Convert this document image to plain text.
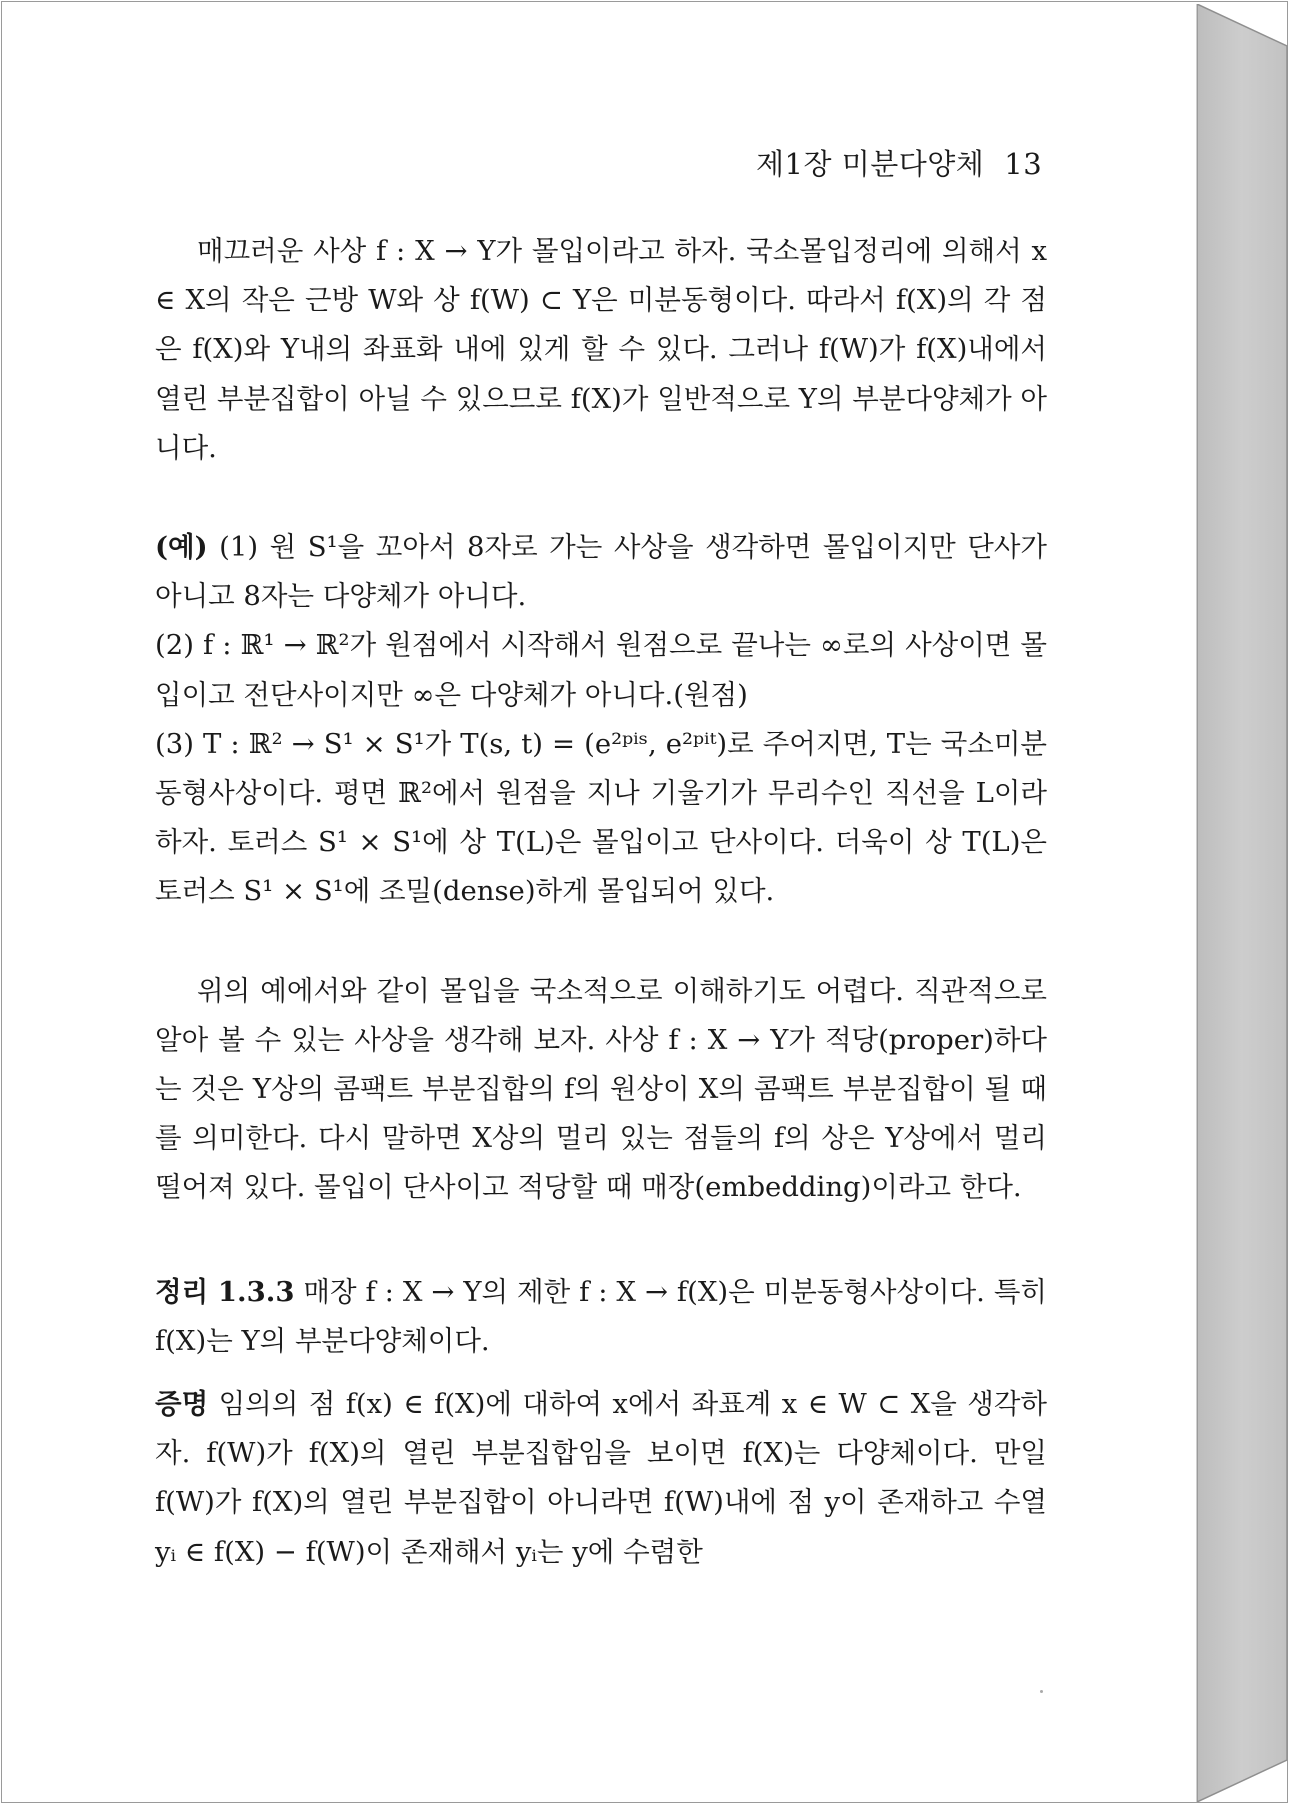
제1장 미분다양체 13

매끄러운 사상 f : X → Y가 몰입이라고 하자. 국소몰입정리에 의해서 x ∈ X의 작은 근방 W와 상 f(W) ⊂ Y은 미분동형이다. 따라서 f(X)의 각 점은 f(X)와 Y내의 좌표화 내에 있게 할 수 있다. 그러나 f(W)가 f(X)내에서 열린 부분집합이 아닐 수 있으므로 f(X)가 일반적으로 Y의 부분다양체가 아니다.

(예) (1) 원 S¹을 꼬아서 8자로 가는 사상을 생각하면 몰입이지만 단사가 아니고 8자는 다양체가 아니다.

(2) f : ℝ¹ → ℝ²가 원점에서 시작해서 원점으로 끝나는 ∞로의 사상이면 몰입이고 전단사이지만 ∞은 다양체가 아니다.(원점)

(3) T : ℝ² → S¹ × S¹가 T(s, t) = (e²ᵖⁱˢ, e²ᵖⁱᵗ)로 주어지면, T는 국소미분동형사상이다. 평면 ℝ²에서 원점을 지나 기울기가 무리수인 직선을 L이라 하자. 토러스 S¹ × S¹에 상 T(L)은 몰입이고 단사이다. 더욱이 상 T(L)은 토러스 S¹ × S¹에 조밀(dense)하게 몰입되어 있다.

위의 예에서와 같이 몰입을 국소적으로 이해하기도 어렵다. 직관적으로 알아 볼 수 있는 사상을 생각해 보자. 사상 f : X → Y가 적당(proper)하다는 것은 Y상의 콤팩트 부분집합의 f의 원상이 X의 콤팩트 부분집합이 될 때를 의미한다. 다시 말하면 X상의 멀리 있는 점들의 f의 상은 Y상에서 멀리 떨어져 있다. 몰입이 단사이고 적당할 때 매장(embedding)이라고 한다.

정리 1.3.3 매장 f : X → Y의 제한 f : X → f(X)은 미분동형사상이다. 특히 f(X)는 Y의 부분다양체이다.

증명 임의의 점 f(x) ∈ f(X)에 대하여 x에서 좌표계 x ∈ W ⊂ X을 생각하자. f(W)가 f(X)의 열린 부분집합임을 보이면 f(X)는 다양체이다. 만일 f(W)가 f(X)의 열린 부분집합이 아니라면 f(W)내에 점 y이 존재하고 수열 yᵢ ∈ f(X) − f(W)이 존재해서 yᵢ는 y에 수렴한
